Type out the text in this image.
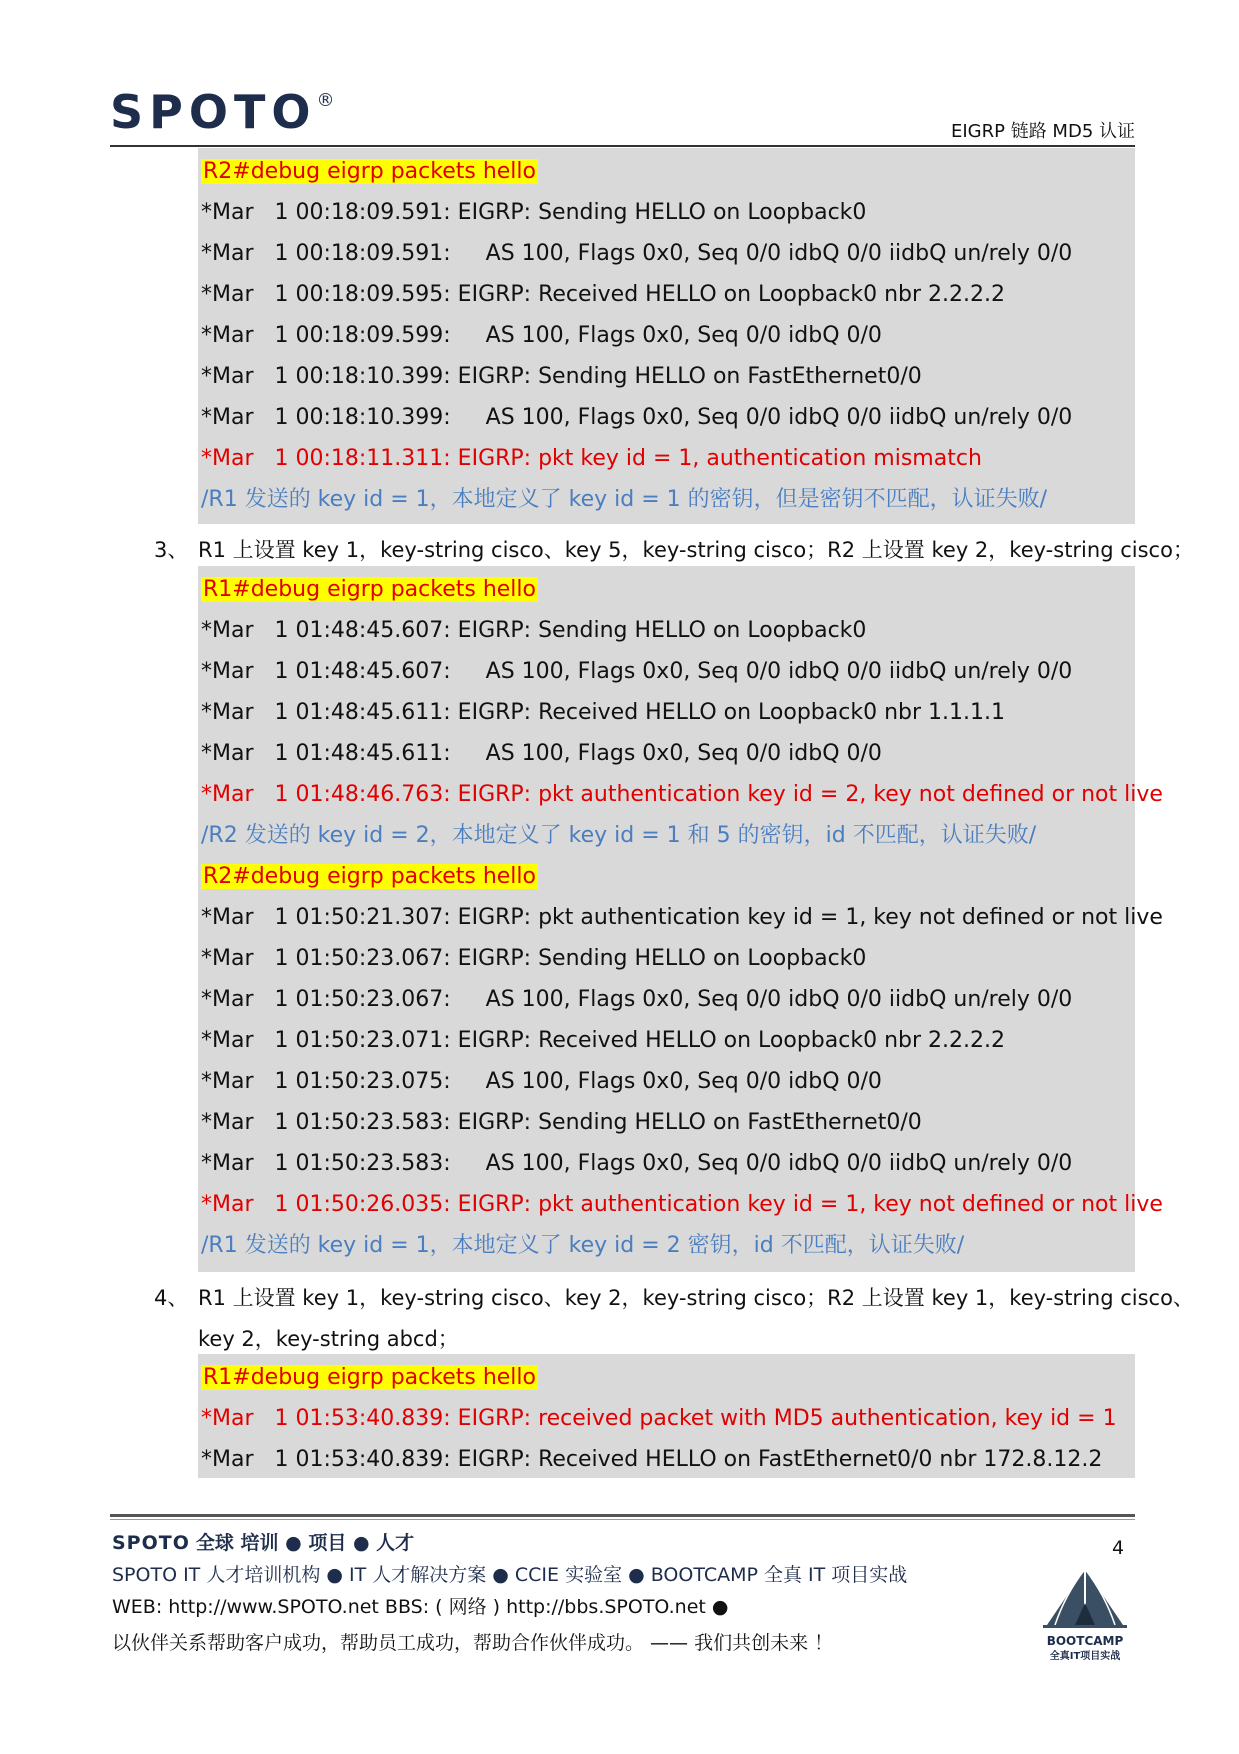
SPOTO®
EIGRP 链路 MD5 认证
R2#debug eigrp packets hello
*Mar   1 00:18:09.591: EIGRP: Sending HELLO on Loopback0
*Mar   1 00:18:09.591:     AS 100, Flags 0x0, Seq 0/0 idbQ 0/0 iidbQ un/rely 0/0
*Mar   1 00:18:09.595: EIGRP: Received HELLO on Loopback0 nbr 2.2.2.2
*Mar   1 00:18:09.599:     AS 100, Flags 0x0, Seq 0/0 idbQ 0/0
*Mar   1 00:18:10.399: EIGRP: Sending HELLO on FastEthernet0/0
*Mar   1 00:18:10.399:     AS 100, Flags 0x0, Seq 0/0 idbQ 0/0 iidbQ un/rely 0/0
*Mar   1 00:18:11.311: EIGRP: pkt key id = 1, authentication mismatch
/R1 发送的 key id = 1，本地定义了 key id = 1 的密钥，但是密钥不匹配，认证失败/
3、 R1 上设置 key 1，key-string cisco、key 5，key-string cisco；R2 上设置 key 2，key-string cisco；
R1#debug eigrp packets hello
*Mar   1 01:48:45.607: EIGRP: Sending HELLO on Loopback0
*Mar   1 01:48:45.607:     AS 100, Flags 0x0, Seq 0/0 idbQ 0/0 iidbQ un/rely 0/0
*Mar   1 01:48:45.611: EIGRP: Received HELLO on Loopback0 nbr 1.1.1.1
*Mar   1 01:48:45.611:     AS 100, Flags 0x0, Seq 0/0 idbQ 0/0
*Mar   1 01:48:46.763: EIGRP: pkt authentication key id = 2, key not defined or not live
/R2 发送的 key id = 2，本地定义了 key id = 1 和 5 的密钥，id 不匹配，认证失败/
R2#debug eigrp packets hello
*Mar   1 01:50:21.307: EIGRP: pkt authentication key id = 1, key not defined or not live
*Mar   1 01:50:23.067: EIGRP: Sending HELLO on Loopback0
*Mar   1 01:50:23.067:     AS 100, Flags 0x0, Seq 0/0 idbQ 0/0 iidbQ un/rely 0/0
*Mar   1 01:50:23.071: EIGRP: Received HELLO on Loopback0 nbr 2.2.2.2
*Mar   1 01:50:23.075:     AS 100, Flags 0x0, Seq 0/0 idbQ 0/0
*Mar   1 01:50:23.583: EIGRP: Sending HELLO on FastEthernet0/0
*Mar   1 01:50:23.583:     AS 100, Flags 0x0, Seq 0/0 idbQ 0/0 iidbQ un/rely 0/0
*Mar   1 01:50:26.035: EIGRP: pkt authentication key id = 1, key not defined or not live
/R1 发送的 key id = 1，本地定义了 key id = 2 密钥，id 不匹配，认证失败/
4、 R1 上设置 key 1，key-string cisco、key 2，key-string cisco；R2 上设置 key 1，key-string cisco、
key 2，key-string abcd；
R1#debug eigrp packets hello
*Mar   1 01:53:40.839: EIGRP: received packet with MD5 authentication, key id = 1
*Mar   1 01:53:40.839: EIGRP: Received HELLO on FastEthernet0/0 nbr 172.8.12.2
SPOTO 全球 培训 ● 项目 ● 人才
SPOTO IT 人才培训机构 ● IT 人才解决方案 ● CCIE 实验室 ● BOOTCAMP 全真 IT 项目实战
WEB: http://www.SPOTO.net BBS: ( 网络 ) http://bbs.SPOTO.net ●
以伙伴关系帮助客户成功，帮助员工成功，帮助合作伙伴成功。 —— 我们共创未来 ！
4
BOOTCAMP
全真IT项目实战
